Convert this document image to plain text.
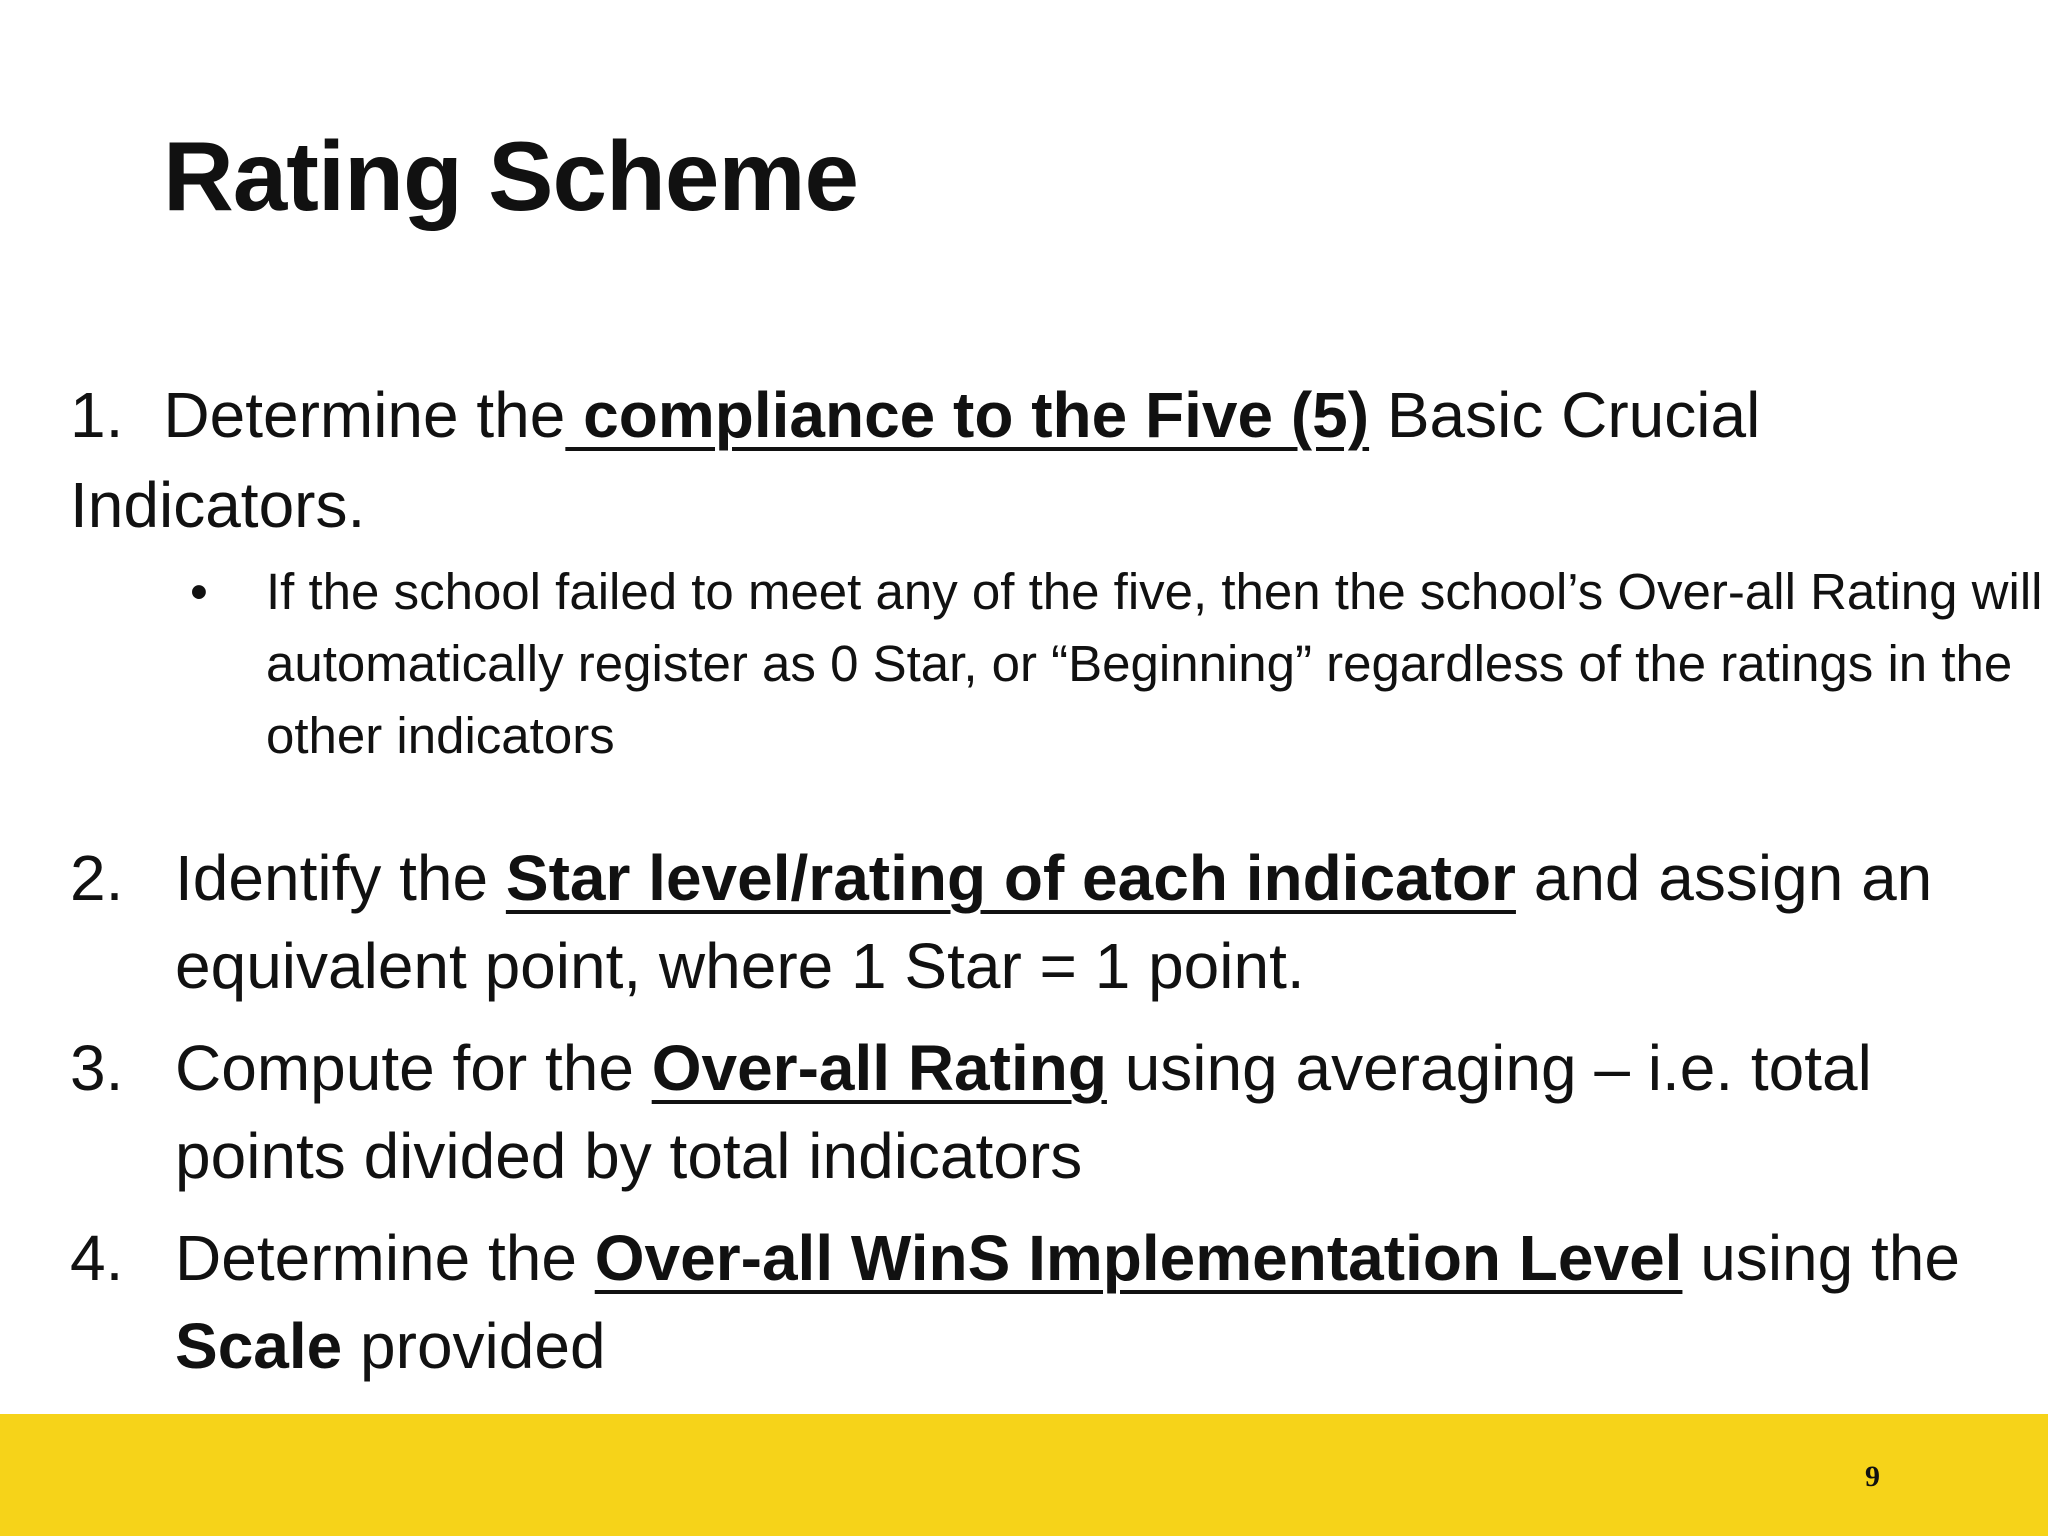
Rating Scheme
1. Determine the compliance to the Five (5) Basic Crucial
Indicators.
• If the school failed to meet any of the five, then the school’s Over-all Rating will automatically register as 0 Star, or “Beginning” regardless of the ratings in the other indicators
2. Identify the Star level/rating of each indicator and assign an equivalent point, where 1 Star = 1 point.
3. Compute for the Over-all Rating using averaging – i.e. total points divided by total indicators
4. Determine the Over-all WinS Implementation Level using the Scale provided
9
